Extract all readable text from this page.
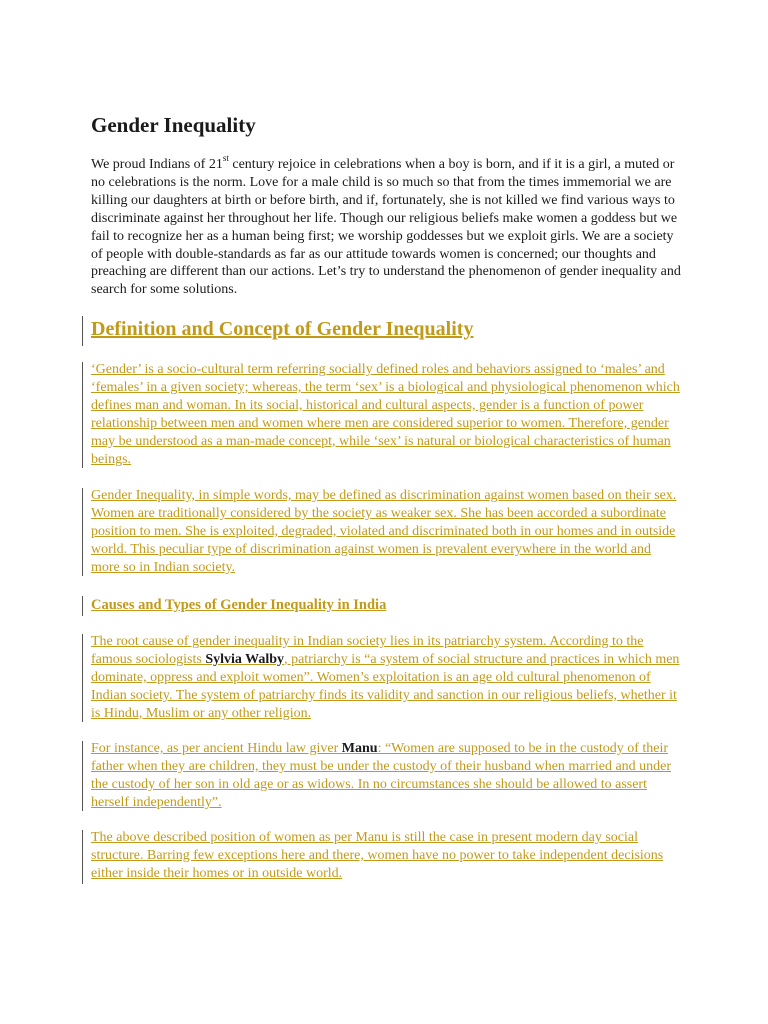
Gender Inequality

We proud Indians of 21st century rejoice in celebrations when a boy is born, and if it is a girl, a muted or no celebrations is the norm. Love for a male child is so much so that from the times immemorial we are killing our daughters at birth or before birth, and if, fortunately, she is not killed we find various ways to discriminate against her throughout her life. Though our religious beliefs make women a goddess but we fail to recognize her as a human being first; we worship goddesses but we exploit girls. We are a society of people with double-standards as far as our attitude towards women is concerned; our thoughts and preaching are different than our actions. Let’s try to understand the phenomenon of gender inequality and search for some solutions.

Definition and Concept of Gender Inequality

‘Gender’ is a socio-cultural term referring socially defined roles and behaviors assigned to ‘males’ and ‘females’ in a given society; whereas, the term ‘sex’ is a biological and physiological phenomenon which defines man and woman. In its social, historical and cultural aspects, gender is a function of power relationship between men and women where men are considered superior to women. Therefore, gender may be understood as a man-made concept, while ‘sex’ is natural or biological characteristics of human beings.

Gender Inequality, in simple words, may be defined as discrimination against women based on their sex. Women are traditionally considered by the society as weaker sex. She has been accorded a subordinate position to men. She is exploited, degraded, violated and discriminated both in our homes and in outside world. This peculiar type of discrimination against women is prevalent everywhere in the world and more so in Indian society.

Causes and Types of Gender Inequality in India

The root cause of gender inequality in Indian society lies in its patriarchy system. According to the famous sociologists Sylvia Walby, patriarchy is “a system of social structure and practices in which men dominate, oppress and exploit women”. Women’s exploitation is an age old cultural phenomenon of Indian society. The system of patriarchy finds its validity and sanction in our religious beliefs, whether it is Hindu, Muslim or any other religion.

For instance, as per ancient Hindu law giver Manu: “Women are supposed to be in the custody of their father when they are children, they must be under the custody of their husband when married and under the custody of her son in old age or as widows. In no circumstances she should be allowed to assert herself independently”.

The above described position of women as per Manu is still the case in present modern day social structure. Barring few exceptions here and there, women have no power to take independent decisions either inside their homes or in outside world.
